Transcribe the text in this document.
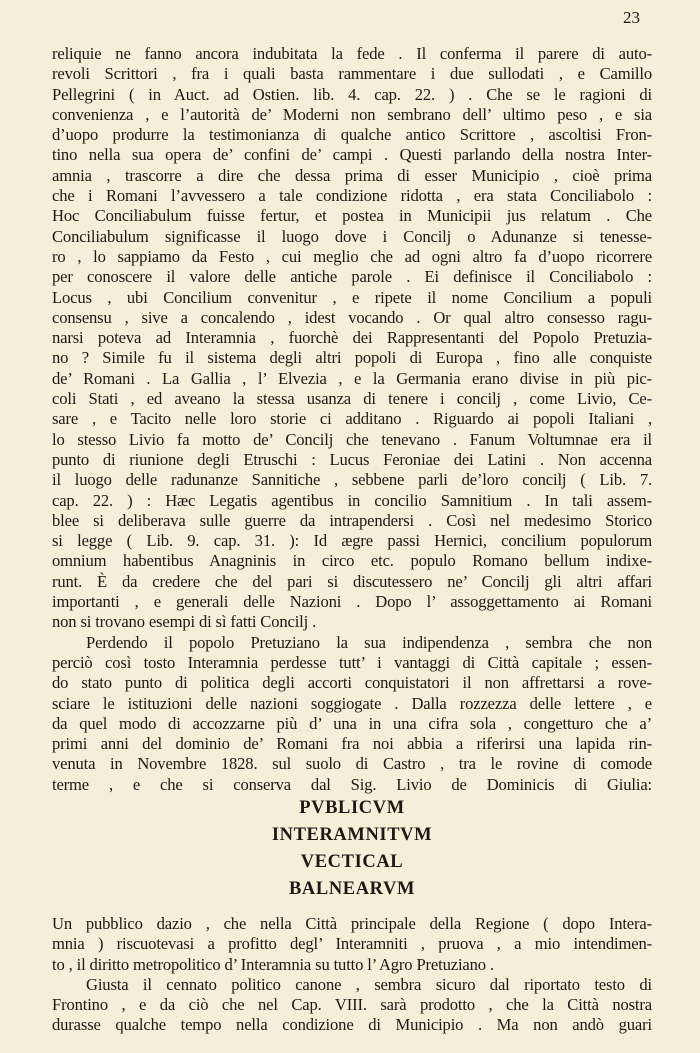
23
reliquie ne fanno ancora indubitata la fede . Il conferma il parere di auto-
revoli Scrittori , fra i quali basta rammentare i due sullodati , e Camillo
Pellegrini ( in Auct. ad Ostien. lib. 4. cap. 22. ) . Che se le ragioni di
convenienza , e l’autorità de’ Moderni non sembrano dell’ ultimo peso , e sia
d’uopo produrre la testimonianza di qualche antico Scrittore , ascoltisi Fron-
tino nella sua opera de’ confini de’ campi . Questi parlando della nostra Inter-
amnia , trascorre a dire che dessa prima di esser Municipio , cioè prima
che i Romani l’avvessero a tale condizione ridotta , era stata Conciliabolo :
Hoc Conciliabulum fuisse fertur, et postea in Municipii jus relatum . Che
Conciliabulum significasse il luogo dove i Concilj o Adunanze si tenesse-
ro , lo sappiamo da Festo , cui meglio che ad ogni altro fa d’uopo ricorrere
per conoscere il valore delle antiche parole . Ei definisce il Conciliabolo :
Locus , ubi Concilium convenitur , e ripete il nome Concilium a populi
consensu , sive a concalendo , idest vocando . Or qual altro consesso ragu-
narsi poteva ad Interamnia , fuorchè dei Rappresentanti del Popolo Pretuzia-
no ? Simile fu il sistema degli altri popoli di Europa , fino alle conquiste
de’ Romani . La Gallia , l’ Elvezia , e la Germania erano divise in più pic-
coli Stati , ed aveano la stessa usanza di tenere i concilj , come Livio, Ce-
sare , e Tacito nelle loro storie ci additano . Riguardo ai popoli Italiani ,
lo stesso Livio fa motto de’ Concilj che tenevano . Fanum Voltumnae era il
punto di riunione degli Etruschi : Lucus Feroniae dei Latini . Non accenna
il luogo delle radunanze Sannitiche , sebbene parli de’loro concilj ( Lib. 7.
cap. 22. ) : Hæc Legatis agentibus in concilio Samnitium . In tali assem-
blee si deliberava sulle guerre da intrapendersi . Così nel medesimo Storico
si legge ( Lib. 9. cap. 31. ): Id ægre passi Hernici, concilium populorum
omnium habentibus Anagninis in circo etc. populo Romano bellum indixe-
runt. È da credere che del pari si discutessero ne’ Concilj gli altri affari
importanti , e generali delle Nazioni . Dopo l’ assoggettamento ai Romani
non si trovano esempi di sì fatti Concilj .
Perdendo il popolo Pretuziano la sua indipendenza , sembra che non
perciò così tosto Interamnia perdesse tutt’ i vantaggi di Città capitale ; essen-
do stato punto di politica degli accorti conquistatori il non affrettarsi a rove-
sciare le istituzioni delle nazioni soggiogate . Dalla rozzezza delle lettere , e
da quel modo di accozzarne più d’ una in una cifra sola , congetturo che a’
primi anni del dominio de’ Romani fra noi abbia a riferirsi una lapida rin-
venuta in Novembre 1828. sul suolo di Castro , tra le rovine di comode
terme , e che si conserva dal Sig. Livio de Dominicis di Giulia:
PVBLICVM
INTERAMNITVM
VECTICAL
BALNEARVM
Un pubblico dazio , che nella Città principale della Regione ( dopo Intera-
mnia ) riscuotevasi a profitto degl’ Interamniti , pruova , a mio intendimen-
to , il diritto metropolitico d’ Interamnia su tutto l’ Agro Pretuziano .
Giusta il cennato politico canone , sembra sicuro dal riportato testo di
Frontino , e da ciò che nel Cap. VIII. sarà prodotto , che la Città nostra
durasse qualche tempo nella condizione di Municipio . Ma non andò guari
